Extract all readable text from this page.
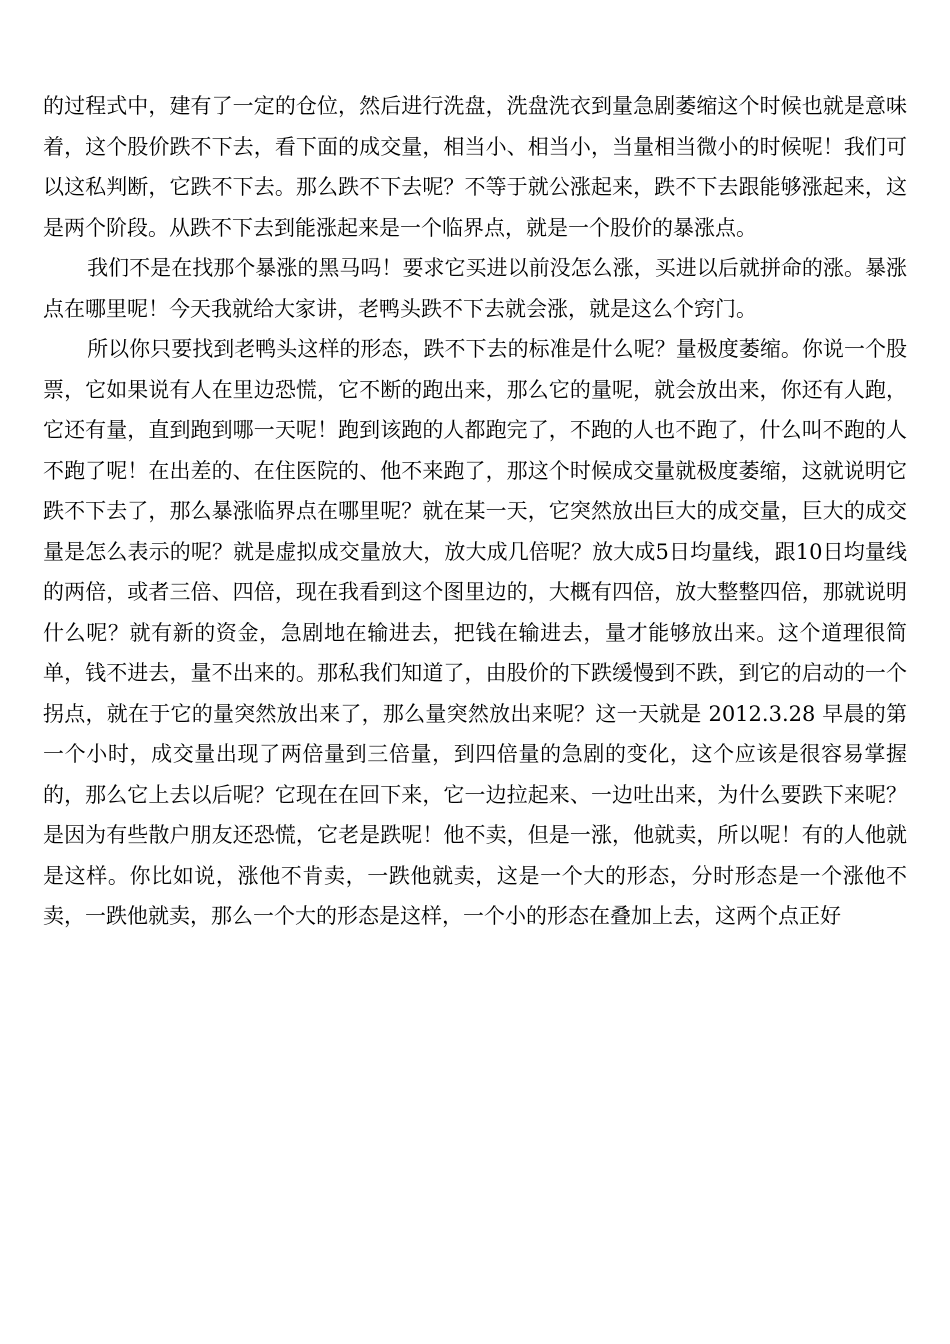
的过程式中，建有了一定的仓位，然后进行洗盘，洗盘洗衣到量急剧萎缩这个时候也就是意味着，这个股价跌不下去，看下面的成交量，相当小、相当小，当量相当微小的时候呢！我们可以这私判断，它跌不下去。那么跌不下去呢？不等于就公涨起来，跌不下去跟能够涨起来，这是两个阶段。从跌不下去到能涨起来是一个临界点，就是一个股价的暴涨点。

我们不是在找那个暴涨的黑马吗！要求它买进以前没怎么涨，买进以后就拼命的涨。暴涨点在哪里呢！今天我就给大家讲，老鸭头跌不下去就会涨，就是这么个窍门。

所以你只要找到老鸭头这样的形态，跌不下去的标准是什么呢？量极度萎缩。你说一个股票，它如果说有人在里边恐慌，它不断的跑出来，那么它的量呢，就会放出来，你还有人跑，它还有量，直到跑到哪一天呢！跑到该跑的人都跑完了，不跑的人也不跑了，什么叫不跑的人不跑了呢！在出差的、在住医院的、他不来跑了，那这个时候成交量就极度萎缩，这就说明它跌不下去了，那么暴涨临界点在哪里呢？就在某一天，它突然放出巨大的成交量，巨大的成交量是怎么表示的呢？就是虚拟成交量放大，放大成几倍呢？放大成5日均量线，跟10日均量线的两倍，或者三倍、四倍，现在我看到这个图里边的，大概有四倍，放大整整四倍，那就说明什么呢？就有新的资金，急剧地在输进去，把钱在输进去，量才能够放出来。这个道理很简单，钱不进去，量不出来的。那私我们知道了，由股价的下跌缓慢到不跌，到它的启动的一个拐点，就在于它的量突然放出来了，那么量突然放出来呢？这一天就是 2012.3.28 早晨的第一个小时，成交量出现了两倍量到三倍量，到四倍量的急剧的变化，这个应该是很容易掌握的，那么它上去以后呢？它现在在回下来，它一边拉起来、一边吐出来，为什么要跌下来呢？是因为有些散户朋友还恐慌，它老是跌呢！他不卖，但是一涨，他就卖，所以呢！有的人他就是这样。你比如说，涨他不肯卖，一跌他就卖，这是一个大的形态，分时形态是一个涨他不卖，一跌他就卖，那么一个大的形态是这样，一个小的形态在叠加上去，这两个点正好
